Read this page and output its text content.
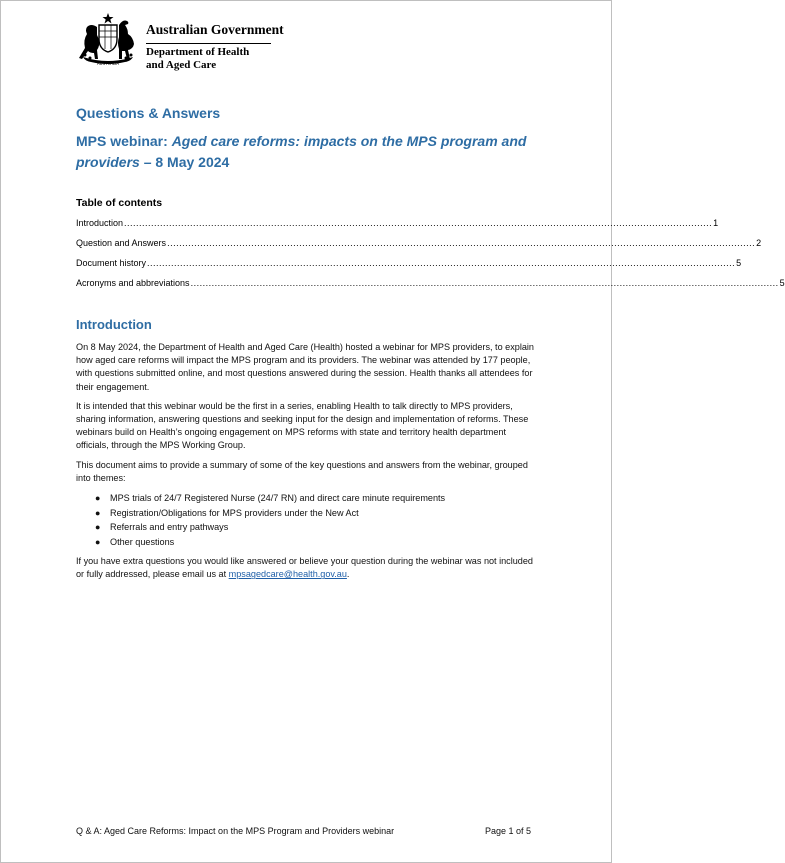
AUSTRALIA
Australian Government
Department of Health
and Aged Care
Questions & Answers
MPS webinar: Aged care reforms: impacts on the MPS program and providers – 8 May 2024
Table of contents
Introduction .................................................................................................................................................................................................... 1
Question and Answers .................................................................................................................................................................................................... 2
Document history .................................................................................................................................................................................................... 5
Acronyms and abbreviations .................................................................................................................................................................................................... 5
Introduction

On 8 May 2024, the Department of Health and Aged Care (Health) hosted a webinar for MPS providers, to explain how aged care reforms will impact the MPS program and its providers. The webinar was attended by 177 people, with questions submitted online, and most questions answered during the session. Health thanks all attendees for their engagement.

It is intended that this webinar would be the first in a series, enabling Health to talk directly to MPS providers, sharing information, answering questions and seeking input for the design and implementation of reforms. These webinars build on Health’s ongoing engagement on MPS reforms with state and territory health department officials, through the MPS Working Group.

This document aims to provide a summary of some of the key questions and answers from the webinar, grouped into themes:

● MPS trials of 24/7 Registered Nurse (24/7 RN) and direct care minute requirements
● Registration/Obligations for MPS providers under the New Act
● Referrals and entry pathways
● Other questions

If you have extra questions you would like answered or believe your question during the webinar was not included or fully addressed, please email us at mpsagedcare@health.gov.au.

Q & A: Aged Care Reforms: Impact on the MPS Program and Providers webinar	Page 1 of 5
